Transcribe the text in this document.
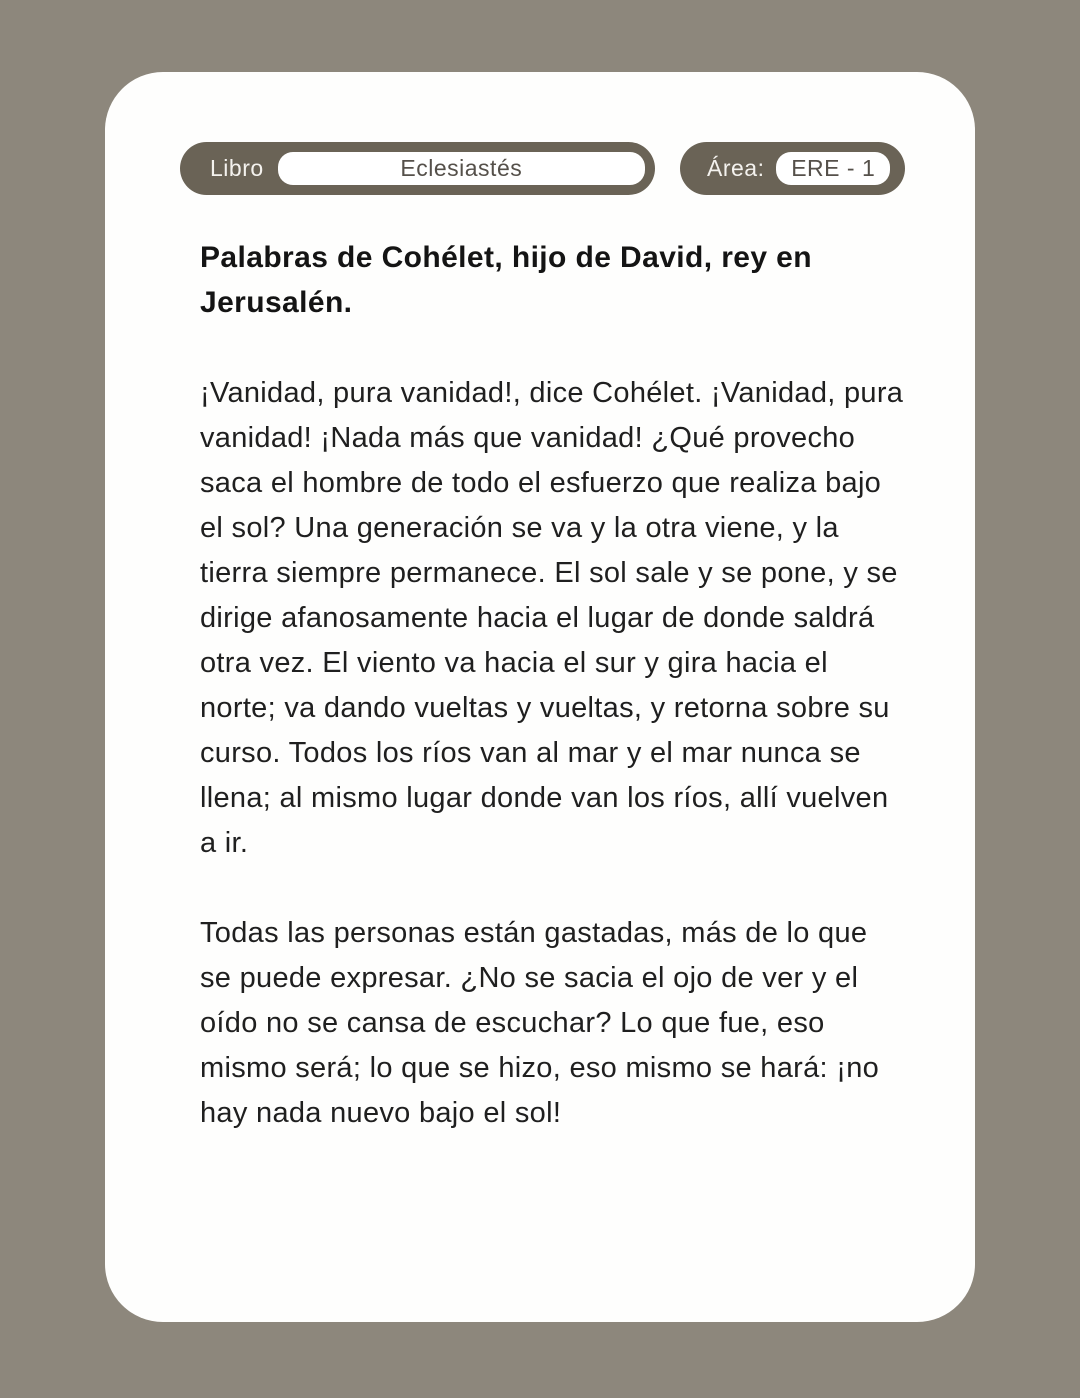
Libro	Eclesiastés	Área:	ERE - 1
Palabras de Cohélet, hijo de David, rey en Jerusalén.

¡Vanidad, pura vanidad!, dice Cohélet. ¡Vanidad, pura vanidad! ¡Nada más que vanidad! ¿Qué provecho saca el hombre de todo el esfuerzo que realiza bajo el sol? Una generación se va y la otra viene, y la tierra siempre permanece. El sol sale y se pone, y se dirige afanosamente hacia el lugar de donde saldrá otra vez. El viento va hacia el sur y gira hacia el norte; va dando vueltas y vueltas, y retorna sobre su curso. Todos los ríos van al mar y el mar nunca se llena; al mismo lugar donde van los ríos, allí vuelven a ir.

Todas las personas están gastadas, más de lo que se puede expresar. ¿No se sacia el ojo de ver y el oído no se cansa de escuchar? Lo que fue, eso mismo será; lo que se hizo, eso mismo se hará: ¡no hay nada nuevo bajo el sol!
